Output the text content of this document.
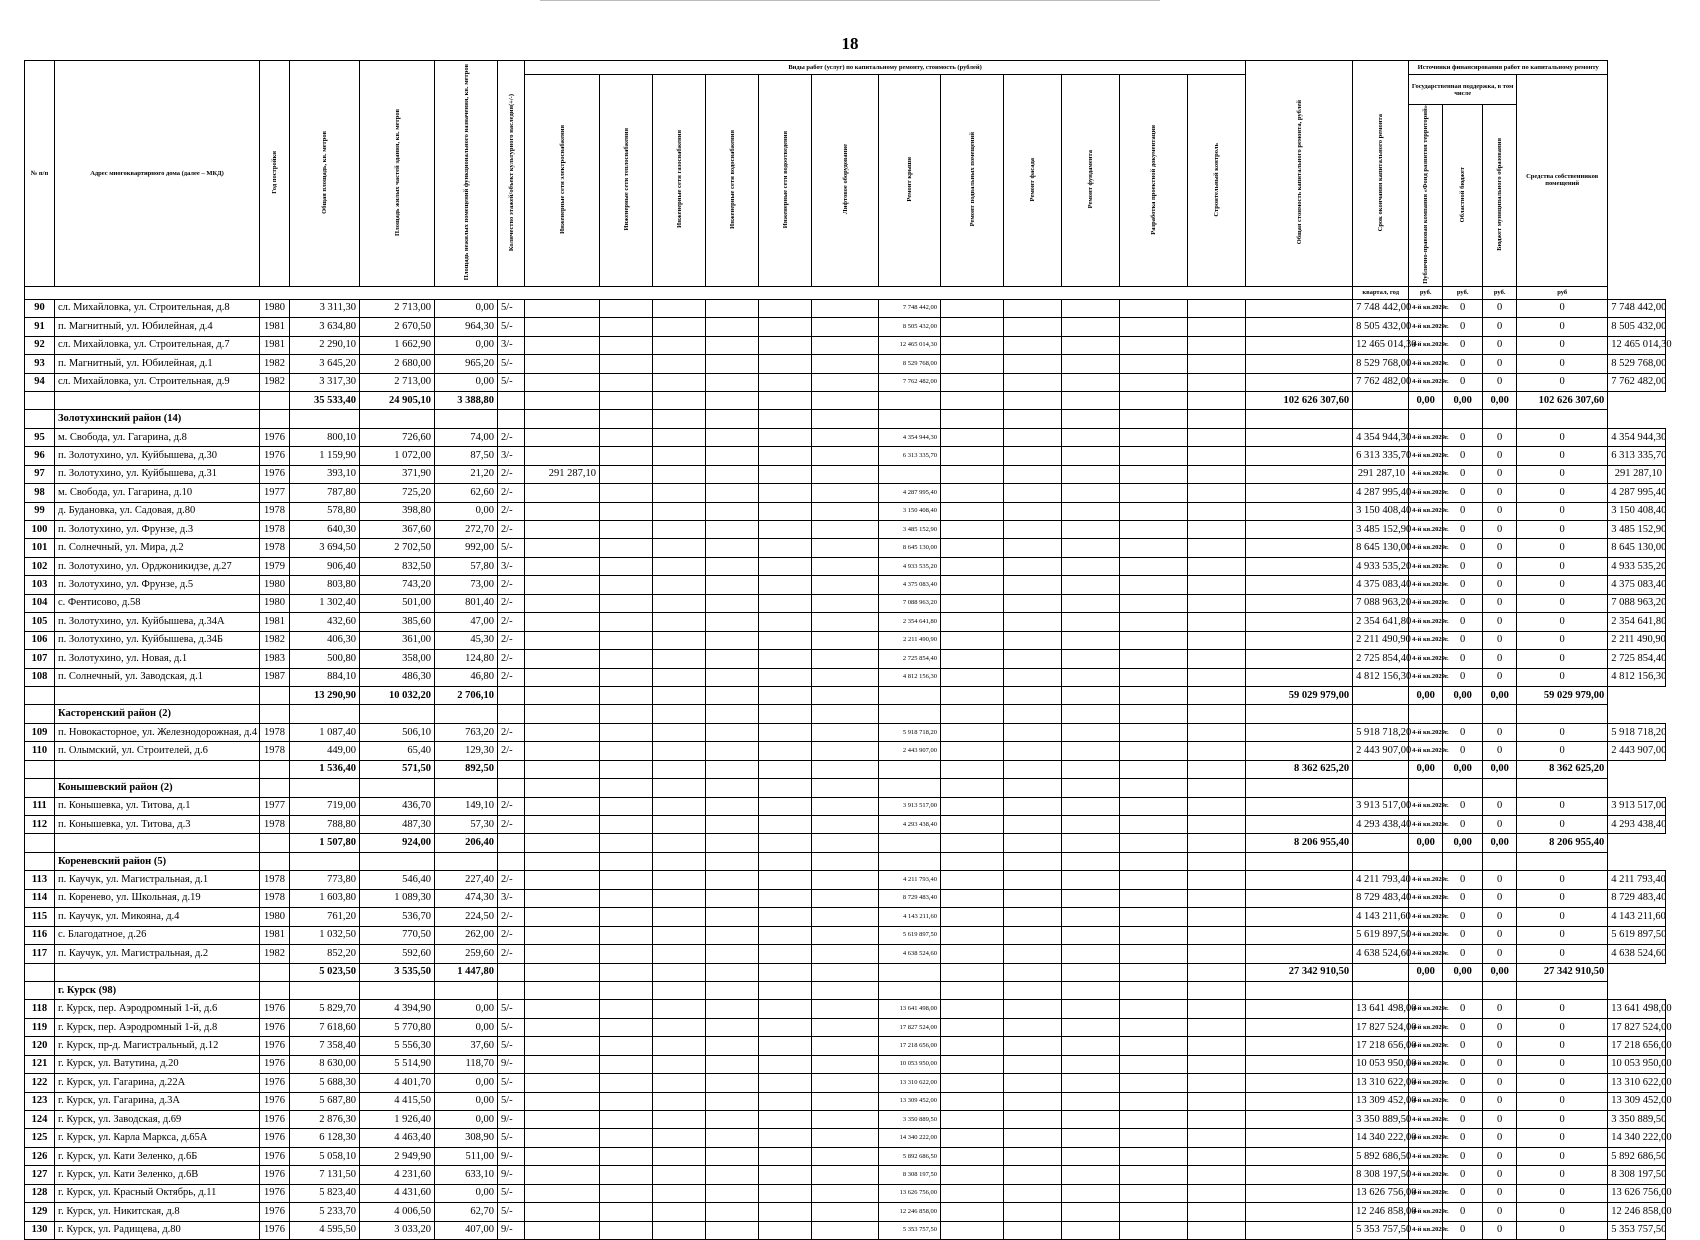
18
№ п/п	Адрес многоквартирного дома (далее – МКД)	Год постройки	Общая площадь, кв. метров	Площадь жилых частей здания, кв. метров	Площадь нежилых помещений функционального назначения, кв. метров	Количество этажей/объект культурного наследия(+/-)	Виды работ (услуг) по капитальному ремонту, стоимость (рублей)												Общая стоимость капитального ремонта, рублей	Срок окончания капитального ремонта	Источники финансирования работ по капитальному ремонту				
							Инженерные сети электроснабжения	Инженерные сети теплоснабжения	Инженерные сети газоснабжения	Инженерные сети водоснабжения	Инженерные сети водоотведения	Лифтовое оборудование	Ремонт крыши	Ремонт подвальных помещений	Ремонт фасада	Ремонт фундамента	Разработка проектной документации	Строительный контроль			Государственная поддержка, в том числе			Средства собственников помещений	
																					Публично-правовая компания «Фонд развития территорий»	Областной бюджет	Бюджет муниципального образования		
																				квартал, год	руб.	руб.	руб.	руб	
90	сл. Михайловка, ул. Строительная, д.8	1980	3 311,30	2 713,00	0,00	5/-							7 748 442,00							7 748 442,00	4-й кв.2029г.	0	0	0	7 748 442,00
91	п. Магнитный, ул. Юбилейная, д.4	1981	3 634,80	2 670,50	964,30	5/-							8 505 432,00							8 505 432,00	4-й кв.2029г.	0	0	0	8 505 432,00
92	сл. Михайловка, ул. Строительная, д.7	1981	2 290,10	1 662,90	0,00	3/-							12 465 014,30							12 465 014,30	4-й кв.2029г.	0	0	0	12 465 014,30
93	п. Магнитный, ул. Юбилейная, д.1	1982	3 645,20	2 680,00	965,20	5/-							8 529 768,00							8 529 768,00	4-й кв.2029г.	0	0	0	8 529 768,00
94	сл. Михайловка, ул. Строительная, д.9	1982	3 317,30	2 713,00	0,00	5/-							7 762 482,00							7 762 482,00	4-й кв.2029г.	0	0	0	7 762 482,00
			35 533,40	24 905,10	3 388,80														102 626 307,60		0,00	0,00	0,00	102 626 307,60	
	Золотухинский район (14)																								
95	м. Свобода, ул. Гагарина, д.8	1976	800,10	726,60	74,00	2/-							4 354 944,30							4 354 944,30	4-й кв.2029г.	0	0	0	4 354 944,30
96	п. Золотухино, ул. Куйбышева, д.30	1976	1 159,90	1 072,00	87,50	3/-							6 313 335,70							6 313 335,70	4-й кв.2029г.	0	0	0	6 313 335,70
97	п. Золотухино, ул. Куйбышева, д.31	1976	393,10	371,90	21,20	2/-	291 287,10													291 287,10	4-й кв.2029г.	0	0	0	291 287,10
98	м. Свобода, ул. Гагарина, д.10	1977	787,80	725,20	62,60	2/-							4 287 995,40							4 287 995,40	4-й кв.2029г.	0	0	0	4 287 995,40
99	д. Будановка, ул. Садовая, д.80	1978	578,80	398,80	0,00	2/-							3 150 408,40							3 150 408,40	4-й кв.2029г.	0	0	0	3 150 408,40
100	п. Золотухино, ул. Фрунзе, д.3	1978	640,30	367,60	272,70	2/-							3 485 152,90							3 485 152,90	4-й кв.2029г.	0	0	0	3 485 152,90
101	п. Солнечный, ул. Мира, д.2	1978	3 694,50	2 702,50	992,00	5/-							8 645 130,00							8 645 130,00	4-й кв.2029г.	0	0	0	8 645 130,00
102	п. Золотухино, ул. Орджоникидзе, д.27	1979	906,40	832,50	57,80	3/-							4 933 535,20							4 933 535,20	4-й кв.2029г.	0	0	0	4 933 535,20
103	п. Золотухино, ул. Фрунзе, д.5	1980	803,80	743,20	73,00	2/-							4 375 083,40							4 375 083,40	4-й кв.2029г.	0	0	0	4 375 083,40
104	с. Фентисово, д.58	1980	1 302,40	501,00	801,40	2/-							7 088 963,20							7 088 963,20	4-й кв.2029г.	0	0	0	7 088 963,20
105	п. Золотухино, ул. Куйбышева, д.34А	1981	432,60	385,60	47,00	2/-							2 354 641,80							2 354 641,80	4-й кв.2029г.	0	0	0	2 354 641,80
106	п. Золотухино, ул. Куйбышева, д.34Б	1982	406,30	361,00	45,30	2/-							2 211 490,90							2 211 490,90	4-й кв.2029г.	0	0	0	2 211 490,90
107	п. Золотухино, ул. Новая, д.1	1983	500,80	358,00	124,80	2/-							2 725 854,40							2 725 854,40	4-й кв.2029г.	0	0	0	2 725 854,40
108	п. Солнечный, ул. Заводская, д.1	1987	884,10	486,30	46,80	2/-							4 812 156,30							4 812 156,30	4-й кв.2029г.	0	0	0	4 812 156,30
			13 290,90	10 032,20	2 706,10														59 029 979,00		0,00	0,00	0,00	59 029 979,00	
	Касторенский район (2)																								
109	п. Новокасторное, ул. Железнодорожная, д.4	1978	1 087,40	506,10	763,20	2/-							5 918 718,20							5 918 718,20	4-й кв.2029г.	0	0	0	5 918 718,20
110	п. Олымский, ул. Строителей, д.6	1978	449,00	65,40	129,30	2/-							2 443 907,00							2 443 907,00	4-й кв.2029г.	0	0	0	2 443 907,00
			1 536,40	571,50	892,50														8 362 625,20		0,00	0,00	0,00	8 362 625,20	
	Конышевский район (2)																								
111	п. Конышевка, ул. Титова, д.1	1977	719,00	436,70	149,10	2/-							3 913 517,00							3 913 517,00	4-й кв.2029г.	0	0	0	3 913 517,00
112	п. Конышевка, ул. Титова, д.3	1978	788,80	487,30	57,30	2/-							4 293 438,40							4 293 438,40	4-й кв.2029г.	0	0	0	4 293 438,40
			1 507,80	924,00	206,40														8 206 955,40		0,00	0,00	0,00	8 206 955,40	
	Кореневский район (5)																								
113	п. Каучук, ул. Магистральная, д.1	1978	773,80	546,40	227,40	2/-							4 211 793,40							4 211 793,40	4-й кв.2029г.	0	0	0	4 211 793,40
114	п. Коренево, ул. Школьная, д.19	1978	1 603,80	1 089,30	474,30	3/-							8 729 483,40							8 729 483,40	4-й кв.2029г.	0	0	0	8 729 483,40
115	п. Каучук, ул. Микояна, д.4	1980	761,20	536,70	224,50	2/-							4 143 211,60							4 143 211,60	4-й кв.2029г.	0	0	0	4 143 211,60
116	с. Благодатное, д.26	1981	1 032,50	770,50	262,00	2/-							5 619 897,50							5 619 897,50	4-й кв.2029г.	0	0	0	5 619 897,50
117	п. Каучук, ул. Магистральная, д.2	1982	852,20	592,60	259,60	2/-							4 638 524,60							4 638 524,60	4-й кв.2029г.	0	0	0	4 638 524,60
			5 023,50	3 535,50	1 447,80														27 342 910,50		0,00	0,00	0,00	27 342 910,50	
	г. Курск (98)																								
118	г. Курск, пер. Аэродромный 1-й, д.6	1976	5 829,70	4 394,90	0,00	5/-							13 641 498,00							13 641 498,00	4-й кв.2029г.	0	0	0	13 641 498,00
119	г. Курск, пер. Аэродромный 1-й, д.8	1976	7 618,60	5 770,80	0,00	5/-							17 827 524,00							17 827 524,00	4-й кв.2029г.	0	0	0	17 827 524,00
120	г. Курск, пр-д. Магистральный, д.12	1976	7 358,40	5 556,30	37,60	5/-							17 218 656,00							17 218 656,00	4-й кв.2029г.	0	0	0	17 218 656,00
121	г. Курск, ул. Ватутина, д.20	1976	8 630,00	5 514,90	118,70	9/-							10 053 950,00							10 053 950,00	4-й кв.2029г.	0	0	0	10 053 950,00
122	г. Курск, ул. Гагарина, д.22А	1976	5 688,30	4 401,70	0,00	5/-							13 310 622,00							13 310 622,00	4-й кв.2029г.	0	0	0	13 310 622,00
123	г. Курск, ул. Гагарина, д.3А	1976	5 687,80	4 415,50	0,00	5/-							13 309 452,00							13 309 452,00	4-й кв.2029г.	0	0	0	13 309 452,00
124	г. Курск, ул. Заводская, д.69	1976	2 876,30	1 926,40	0,00	9/-							3 350 889,50							3 350 889,50	4-й кв.2029г.	0	0	0	3 350 889,50
125	г. Курск, ул. Карла Маркса, д.65А	1976	6 128,30	4 463,40	308,90	5/-							14 340 222,00							14 340 222,00	4-й кв.2029г.	0	0	0	14 340 222,00
126	г. Курск, ул. Кати Зеленко, д.6Б	1976	5 058,10	2 949,90	511,00	9/-							5 892 686,50							5 892 686,50	4-й кв.2029г.	0	0	0	5 892 686,50
127	г. Курск, ул. Кати Зеленко, д.6В	1976	7 131,50	4 231,60	633,10	9/-							8 308 197,50							8 308 197,50	4-й кв.2029г.	0	0	0	8 308 197,50
128	г. Курск, ул. Красный Октябрь, д.11	1976	5 823,40	4 431,60	0,00	5/-							13 626 756,00							13 626 756,00	4-й кв.2029г.	0	0	0	13 626 756,00
129	г. Курск, ул. Никитская, д.8	1976	5 233,70	4 006,50	62,70	5/-							12 246 858,00							12 246 858,00	4-й кв.2029г.	0	0	0	12 246 858,00
130	г. Курск, ул. Радищева, д.80	1976	4 595,50	3 033,20	407,00	9/-							5 353 757,50							5 353 757,50	4-й кв.2029г.	0	0	0	5 353 757,50
